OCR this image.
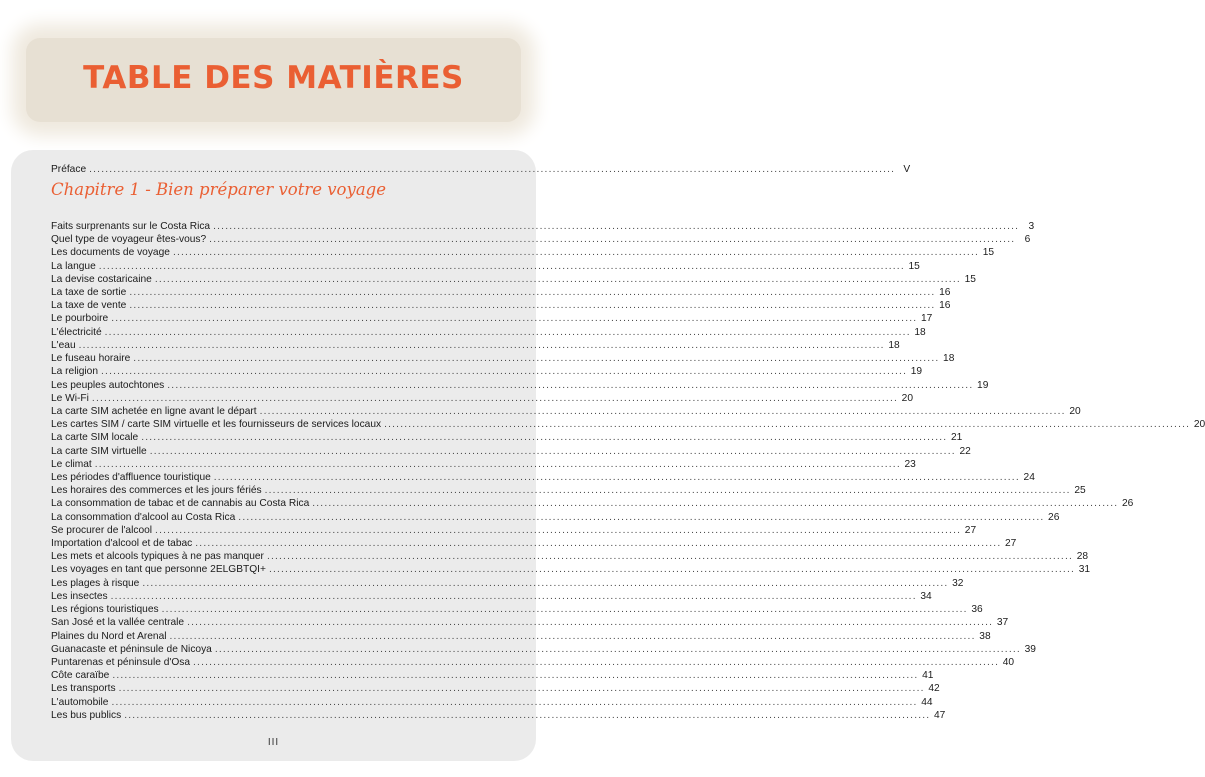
TABLE DES MATIÈRES
Préface ........................................................................................................................................................................................................ V
Chapitre 1 - Bien préparer votre voyage
Faits surprenants sur le Costa Rica ........................................................................................................................................................................................................ 3
Quel type de voyageur êtes-vous? ........................................................................................................................................................................................................ 6
Les documents de voyage ........................................................................................................................................................................................................ 15
La langue ........................................................................................................................................................................................................ 15
La devise costaricaine ........................................................................................................................................................................................................ 15
La taxe de sortie ........................................................................................................................................................................................................ 16
La taxe de vente ........................................................................................................................................................................................................ 16
Le pourboire ........................................................................................................................................................................................................ 17
L'électricité ........................................................................................................................................................................................................ 18
L'eau ........................................................................................................................................................................................................ 18
Le fuseau horaire ........................................................................................................................................................................................................ 18
La religion ........................................................................................................................................................................................................ 19
Les peuples autochtones ........................................................................................................................................................................................................ 19
Le Wi-Fi ........................................................................................................................................................................................................ 20
La carte SIM achetée en ligne avant le départ ........................................................................................................................................................................................................ 20
Les cartes SIM / carte SIM virtuelle et les fournisseurs de services locaux ........................................................................................................................................................................................................ 20
La carte SIM locale ........................................................................................................................................................................................................ 21
La carte SIM virtuelle ........................................................................................................................................................................................................ 22
Le climat ........................................................................................................................................................................................................ 23
Les périodes d'affluence touristique ........................................................................................................................................................................................................ 24
Les horaires des commerces et les jours fériés ........................................................................................................................................................................................................ 25
La consommation de tabac et de cannabis au Costa Rica ........................................................................................................................................................................................................ 26
La consommation d'alcool au Costa Rica ........................................................................................................................................................................................................ 26
Se procurer de l'alcool ........................................................................................................................................................................................................ 27
Importation d'alcool et de tabac ........................................................................................................................................................................................................ 27
Les mets et alcools typiques à ne pas manquer ........................................................................................................................................................................................................ 28
Les voyages en tant que personne 2ELGBTQI+ ........................................................................................................................................................................................................ 31
Les plages à risque ........................................................................................................................................................................................................ 32
Les insectes ........................................................................................................................................................................................................ 34
Les régions touristiques ........................................................................................................................................................................................................ 36
San José et la vallée centrale ........................................................................................................................................................................................................ 37
Plaines du Nord et Arenal ........................................................................................................................................................................................................ 38
Guanacaste et péninsule de Nicoya ........................................................................................................................................................................................................ 39
Puntarenas et péninsule d'Osa ........................................................................................................................................................................................................ 40
Côte caraïbe ........................................................................................................................................................................................................ 41
Les transports ........................................................................................................................................................................................................ 42
L'automobile ........................................................................................................................................................................................................ 44
Les bus publics ........................................................................................................................................................................................................ 47
III
